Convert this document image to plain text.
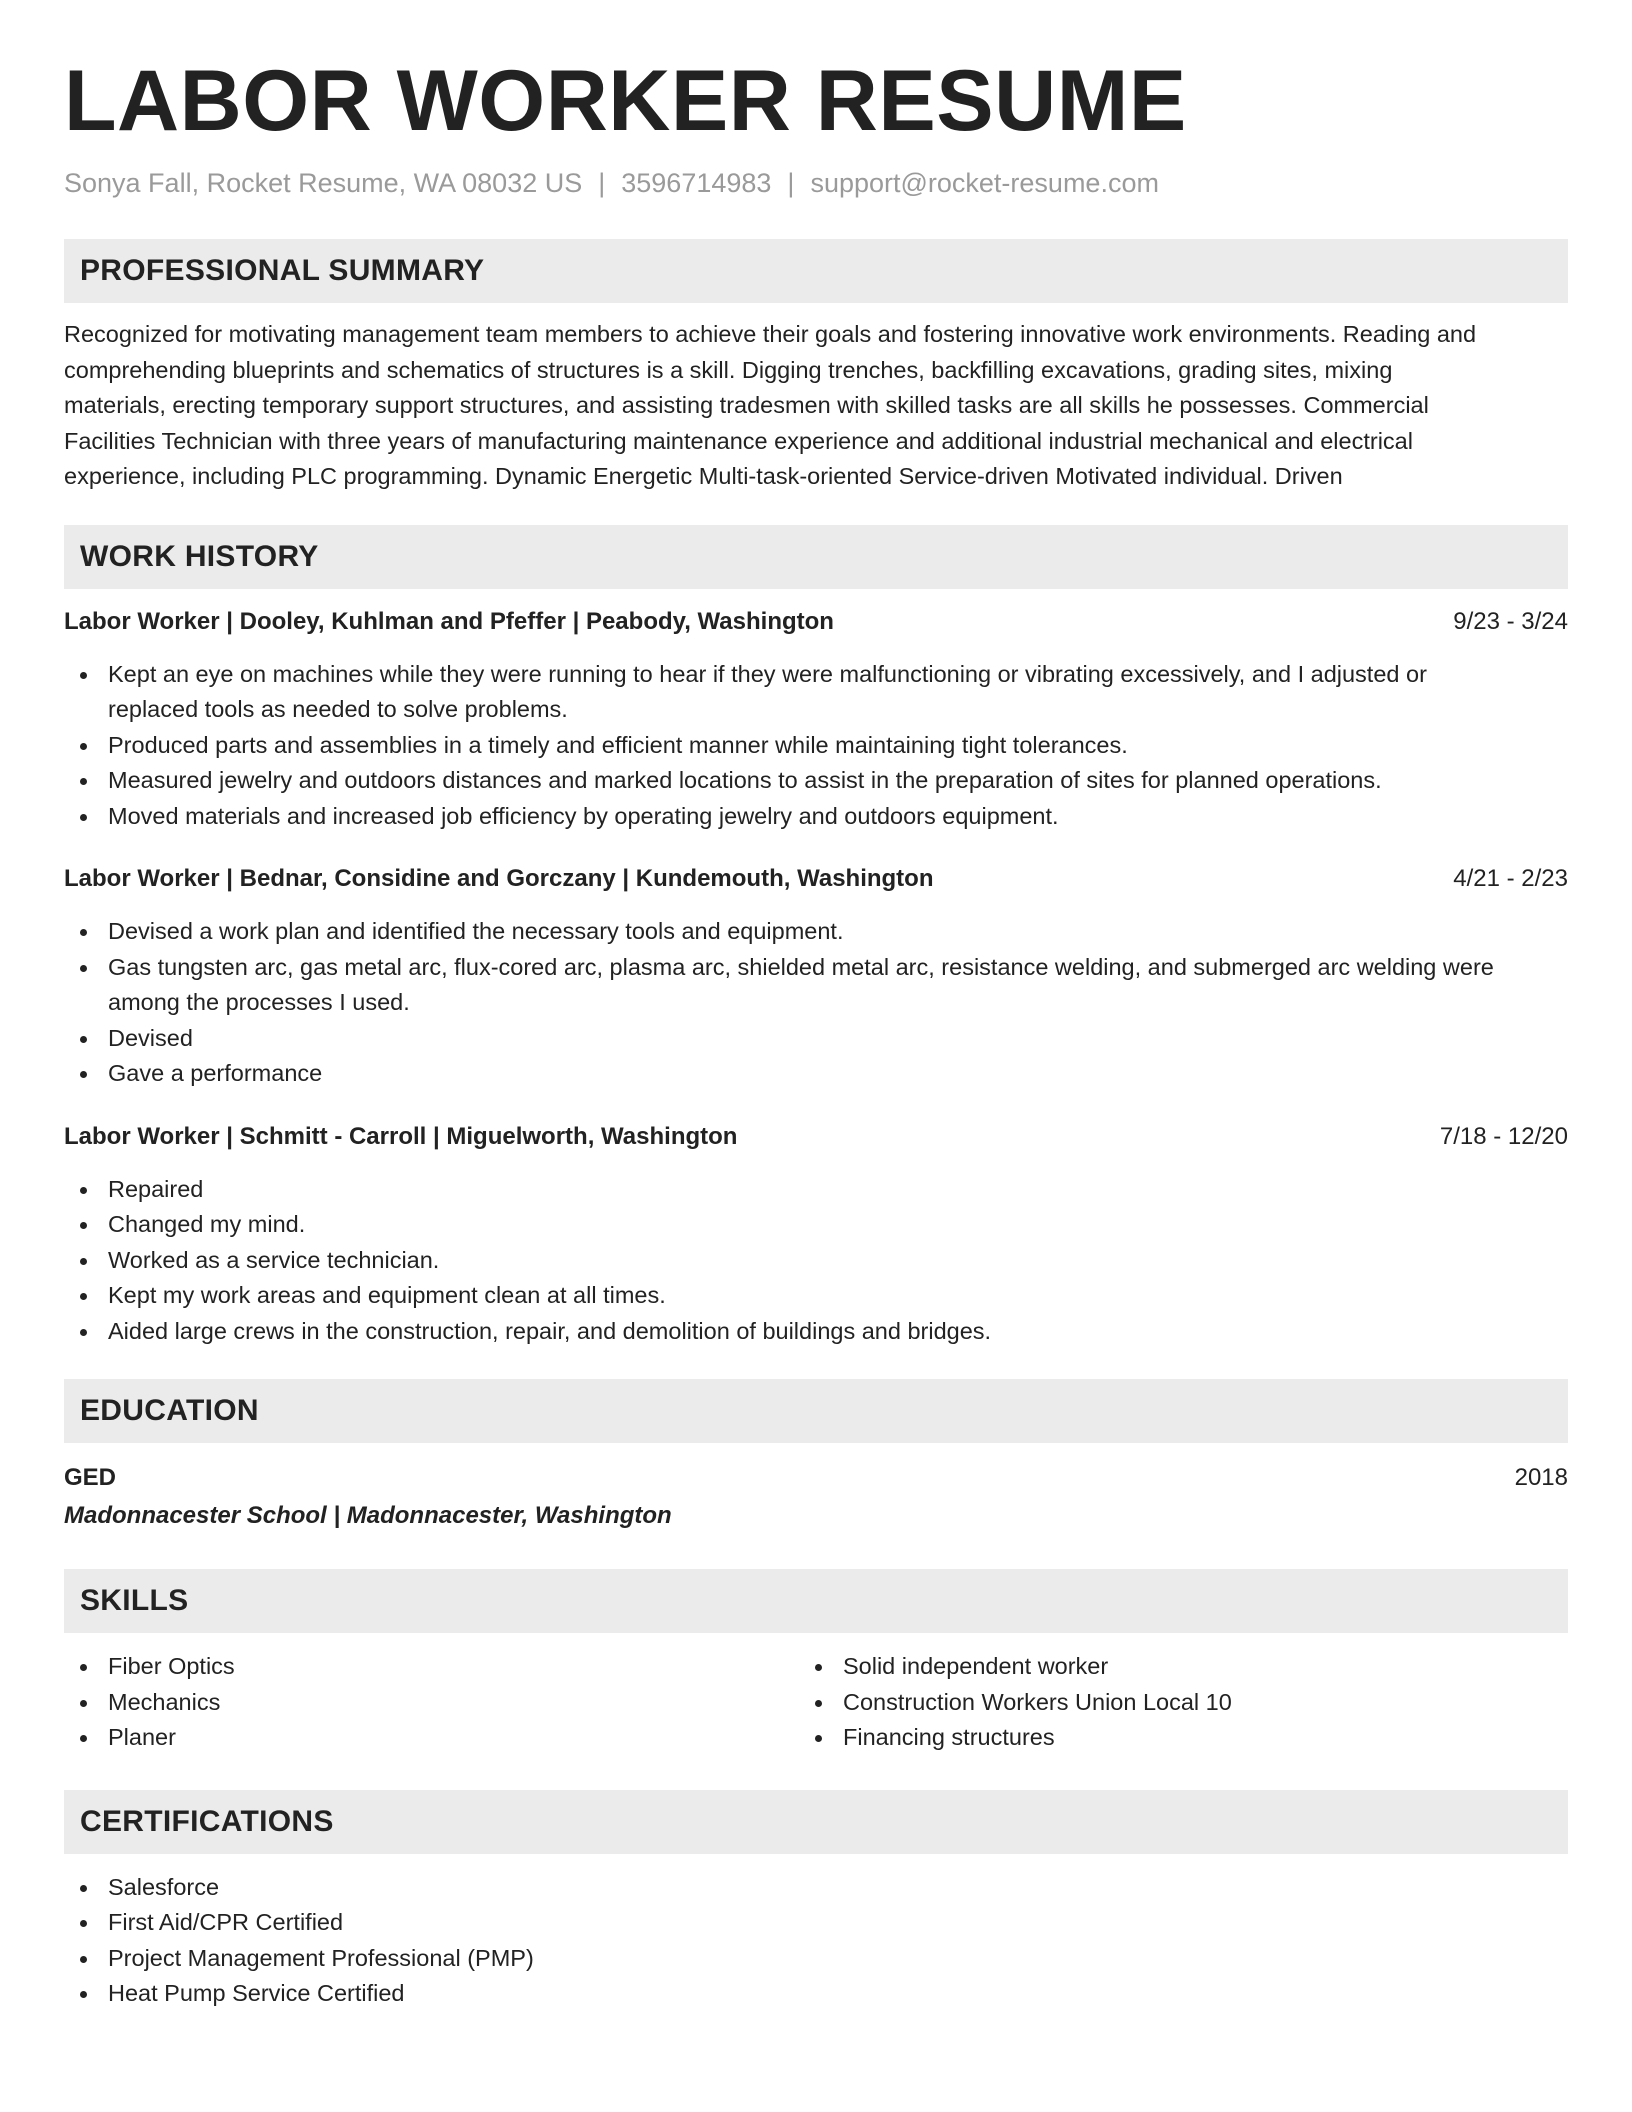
LABOR WORKER RESUME
Sonya Fall, Rocket Resume, WA 08032 US | 3596714983 | support@rocket-resume.com
PROFESSIONAL SUMMARY
Recognized for motivating management team members to achieve their goals and fostering innovative work environments. Reading and
comprehending blueprints and schematics of structures is a skill. Digging trenches, backfilling excavations, grading sites, mixing
materials, erecting temporary support structures, and assisting tradesmen with skilled tasks are all skills he possesses. Commercial
Facilities Technician with three years of manufacturing maintenance experience and additional industrial mechanical and electrical
experience, including PLC programming. Dynamic Energetic Multi-task-oriented Service-driven Motivated individual. Driven
WORK HISTORY
Labor Worker | Dooley, Kuhlman and Pfeffer | Peabody, Washington	9/23 - 3/24
Kept an eye on machines while they were running to hear if they were malfunctioning or vibrating excessively, and I adjusted or
replaced tools as needed to solve problems.
Produced parts and assemblies in a timely and efficient manner while maintaining tight tolerances.
Measured jewelry and outdoors distances and marked locations to assist in the preparation of sites for planned operations.
Moved materials and increased job efficiency by operating jewelry and outdoors equipment.
Labor Worker | Bednar, Considine and Gorczany | Kundemouth, Washington	4/21 - 2/23
Devised a work plan and identified the necessary tools and equipment.
Gas tungsten arc, gas metal arc, flux-cored arc, plasma arc, shielded metal arc, resistance welding, and submerged arc welding were
among the processes I used.
Devised
Gave a performance
Labor Worker | Schmitt - Carroll | Miguelworth, Washington	7/18 - 12/20
Repaired
Changed my mind.
Worked as a service technician.
Kept my work areas and equipment clean at all times.
Aided large crews in the construction, repair, and demolition of buildings and bridges.
EDUCATION
GED	2018
Madonnacester School | Madonnacester, Washington
SKILLS
Fiber Optics
Mechanics
Planer
Solid independent worker
Construction Workers Union Local 10
Financing structures
CERTIFICATIONS
Salesforce
First Aid/CPR Certified
Project Management Professional (PMP)
Heat Pump Service Certified
